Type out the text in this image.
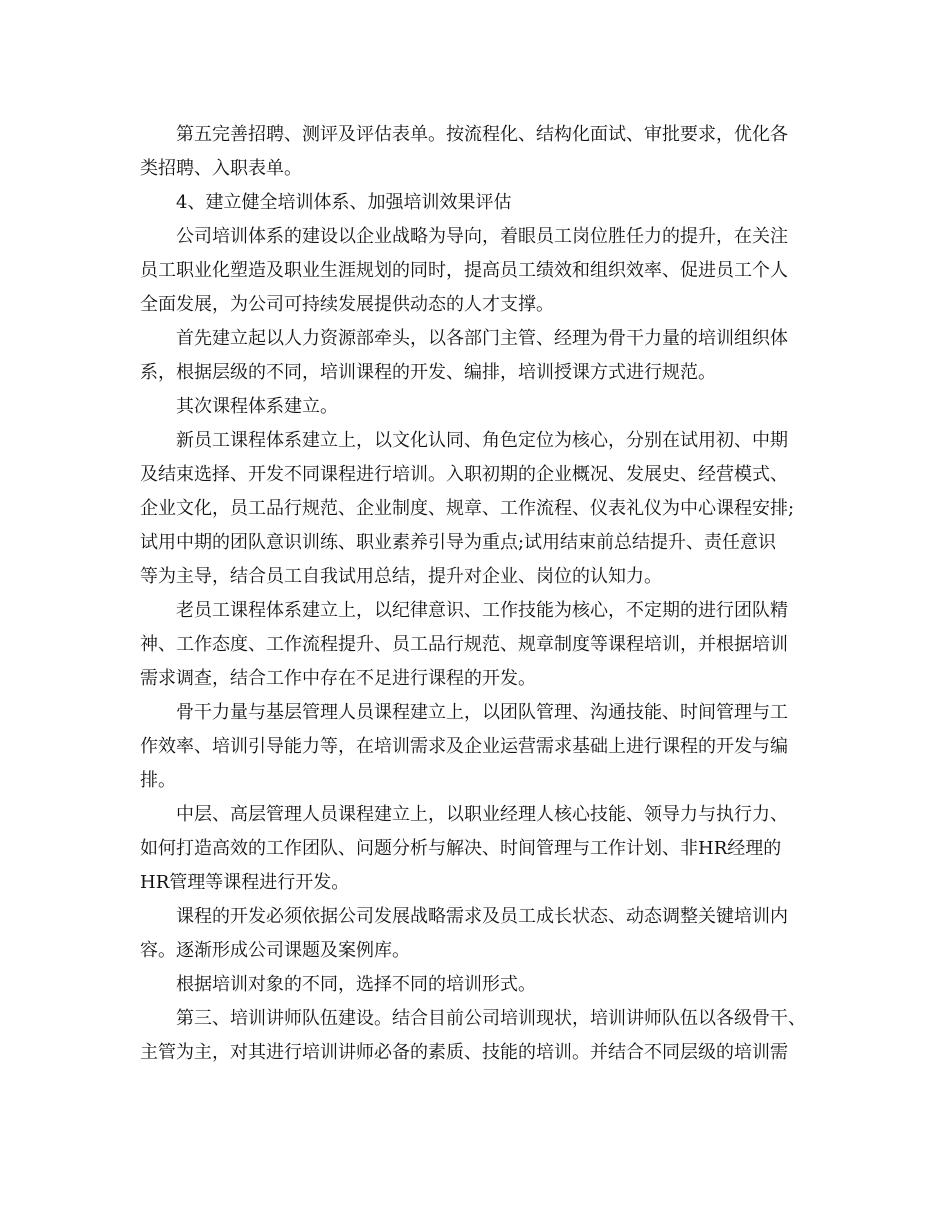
第五完善招聘、测评及评估表单。按流程化、结构化面试、审批要求，优化各
类招聘、入职表单。
4、建立健全培训体系、加强培训效果评估
公司培训体系的建设以企业战略为导向，着眼员工岗位胜任力的提升，在关注
员工职业化塑造及职业生涯规划的同时，提高员工绩效和组织效率、促进员工个人
全面发展，为公司可持续发展提供动态的人才支撑。
首先建立起以人力资源部牵头，以各部门主管、经理为骨干力量的培训组织体
系，根据层级的不同，培训课程的开发、编排，培训授课方式进行规范。
其次课程体系建立。
新员工课程体系建立上，以文化认同、角色定位为核心，分别在试用初、中期
及结束选择、开发不同课程进行培训。入职初期的企业概况、发展史、经营模式、
企业文化，员工品行规范、企业制度、规章、工作流程、仪表礼仪为中心课程安排;
试用中期的团队意识训练、职业素养引导为重点;试用结束前总结提升、责任意识
等为主导，结合员工自我试用总结，提升对企业、岗位的认知力。
老员工课程体系建立上，以纪律意识、工作技能为核心，不定期的进行团队精
神、工作态度、工作流程提升、员工品行规范、规章制度等课程培训，并根据培训
需求调查，结合工作中存在不足进行课程的开发。
骨干力量与基层管理人员课程建立上，以团队管理、沟通技能、时间管理与工
作效率、培训引导能力等，在培训需求及企业运营需求基础上进行课程的开发与编
排。
中层、高层管理人员课程建立上，以职业经理人核心技能、领导力与执行力、
如何打造高效的工作团队、问题分析与解决、时间管理与工作计划、非HR经理的
HR管理等课程进行开发。
课程的开发必须依据公司发展战略需求及员工成长状态、动态调整关键培训内
容。逐渐形成公司课题及案例库。
根据培训对象的不同，选择不同的培训形式。
第三、培训讲师队伍建设。结合目前公司培训现状，培训讲师队伍以各级骨干、
主管为主，对其进行培训讲师必备的素质、技能的培训。并结合不同层级的培训需
